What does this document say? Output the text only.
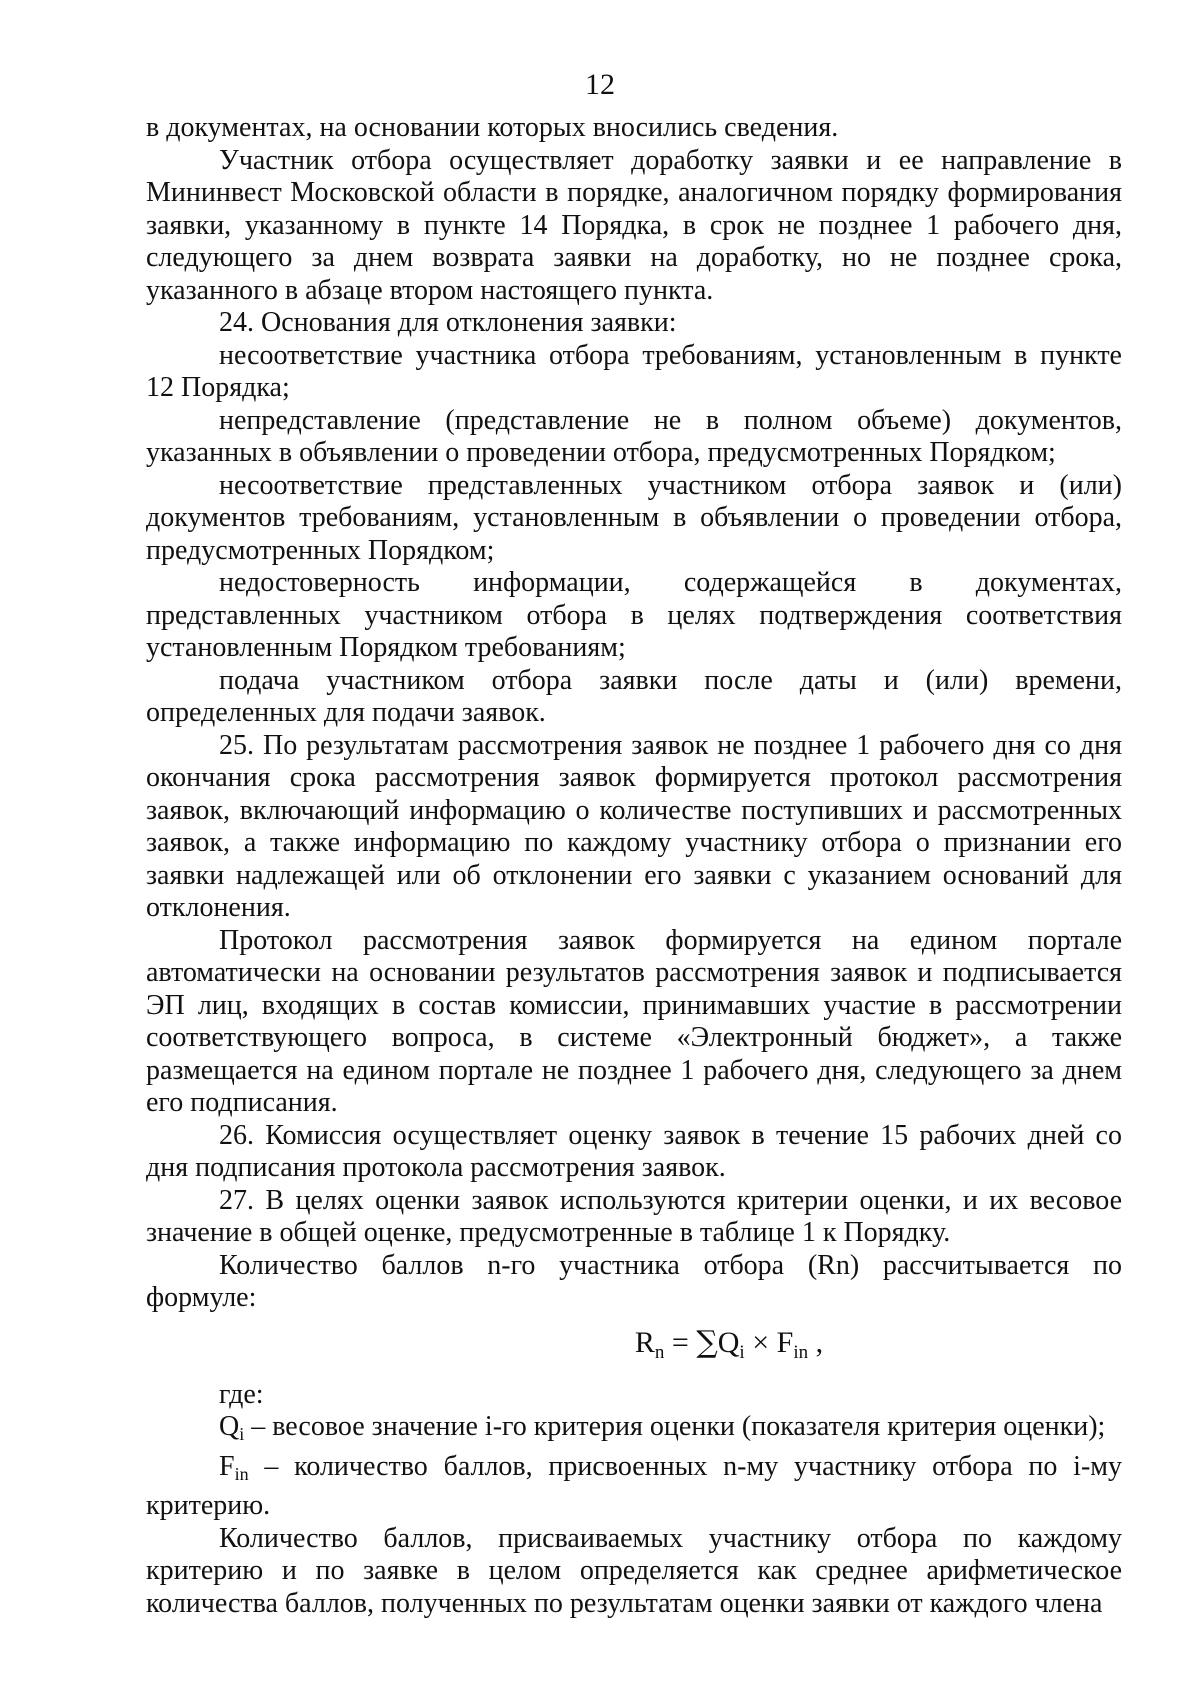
12

в документах, на основании которых вносились сведения.

Участник отбора осуществляет доработку заявки и ее направление в Мининвест Московской области в порядке, аналогичном порядку формирования заявки, указанному в пункте 14 Порядка, в срок не позднее 1 рабочего дня, следующего за днем возврата заявки на доработку, но не позднее срока, указанного в абзаце втором настоящего пункта.

24. Основания для отклонения заявки:

несоответствие участника отбора требованиям, установленным в пункте 12 Порядка;

непредставление (представление не в полном объеме) документов, указанных в объявлении о проведении отбора, предусмотренных Порядком;

несоответствие представленных участником отбора заявок и (или) документов требованиям, установленным в объявлении о проведении отбора, предусмотренных Порядком;

недостоверность информации, содержащейся в документах, представленных участником отбора в целях подтверждения соответствия установленным Порядком требованиям;

подача участником отбора заявки после даты и (или) времени, определенных для подачи заявок.

25. По результатам рассмотрения заявок не позднее 1 рабочего дня со дня окончания срока рассмотрения заявок формируется протокол рассмотрения заявок, включающий информацию о количестве поступивших и рассмотренных заявок, а также информацию по каждому участнику отбора о признании его заявки надлежащей или об отклонении его заявки с указанием оснований для отклонения.

Протокол рассмотрения заявок формируется на едином портале автоматически на основании результатов рассмотрения заявок и подписывается ЭП лиц, входящих в состав комиссии, принимавших участие в рассмотрении соответствующего вопроса, в системе «Электронный бюджет», а также размещается на едином портале не позднее 1 рабочего дня, следующего за днем его подписания.

26. Комиссия осуществляет оценку заявок в течение 15 рабочих дней со дня подписания протокола рассмотрения заявок.

27. В целях оценки заявок используются критерии оценки, и их весовое значение в общей оценке, предусмотренные в таблице 1 к Порядку.

Количество баллов n-го участника отбора (Rn) рассчитывается по формуле:

$R_n = \sum Q_i \times F_{in}$ ,

где:

$Q_i$ – весовое значение i-го критерия оценки (показателя критерия оценки);

$F_{in}$ – количество баллов, присвоенных n-му участнику отбора по i-му критерию.

Количество баллов, присваиваемых участнику отбора по каждому критерию и по заявке в целом определяется как среднее арифметическое количества баллов, полученных по результатам оценки заявки от каждого члена
